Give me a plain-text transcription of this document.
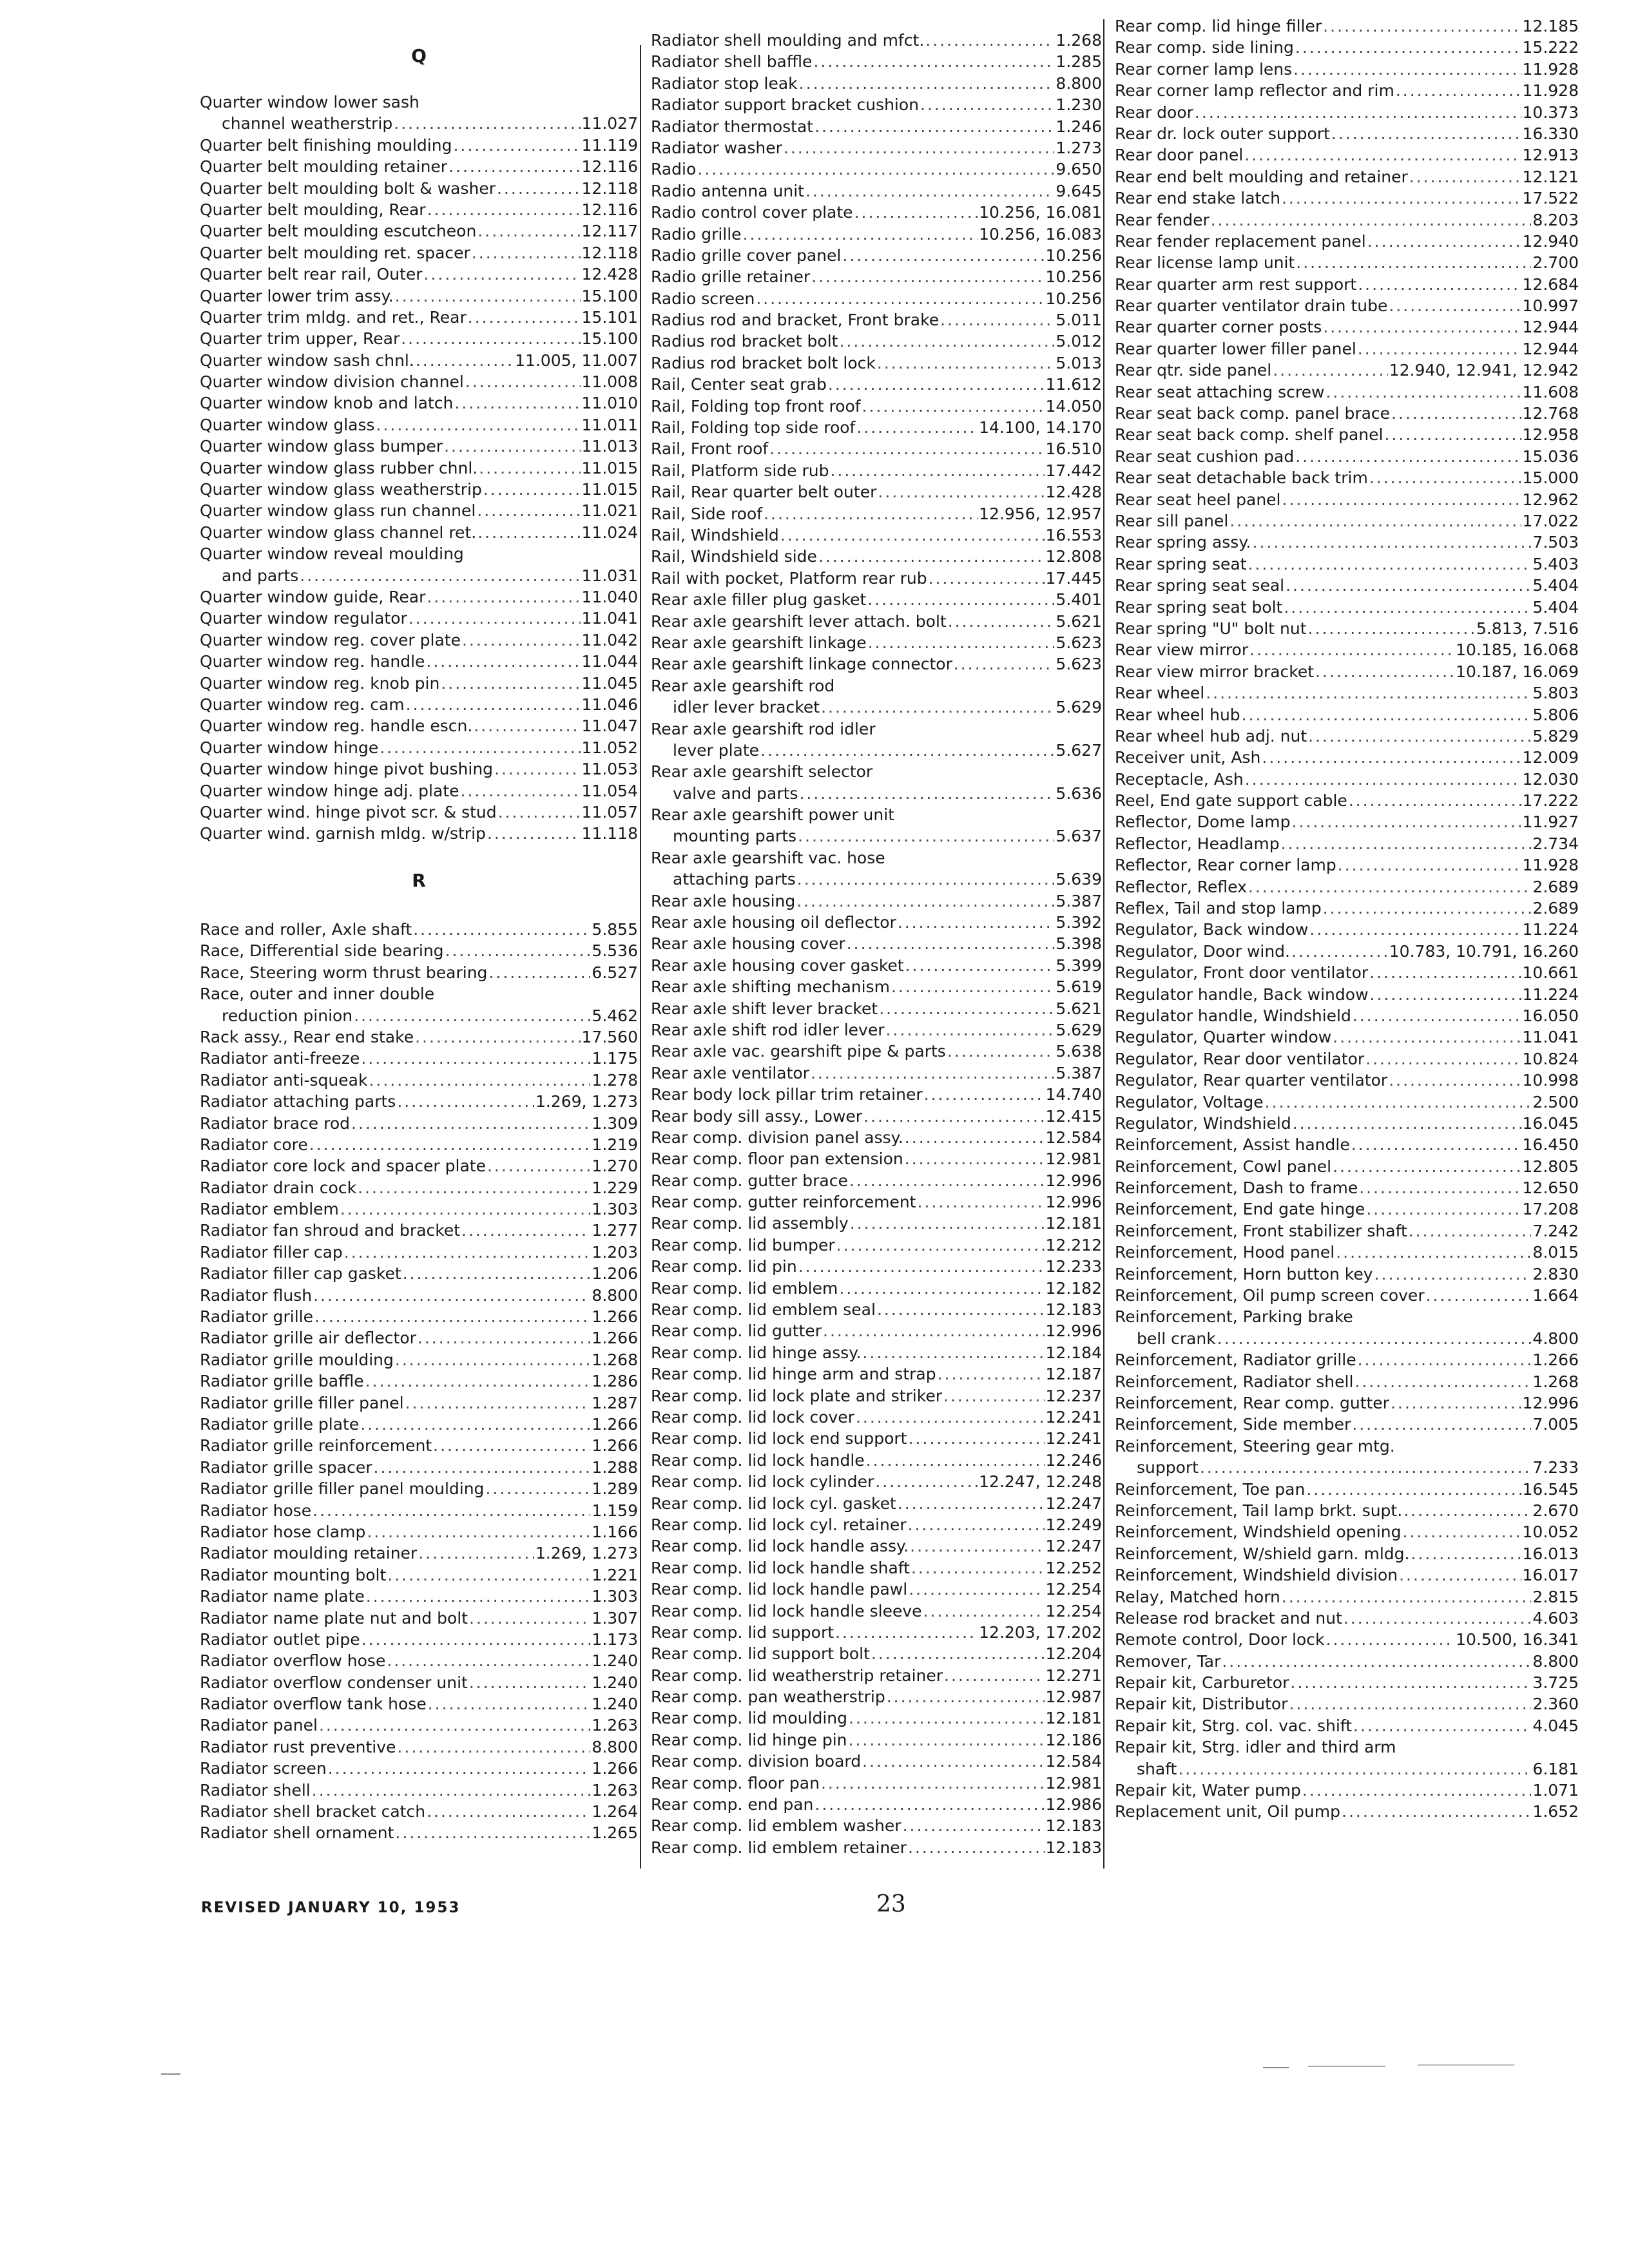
Q
Quarter window lower sash
channel weatherstrip .....	11.027
Quarter belt finishing moulding .....	11.119
Quarter belt moulding retainer .....	12.116
Quarter belt moulding bolt & washer .....	12.118
Quarter belt moulding, Rear .....	12.116
Quarter belt moulding escutcheon .....	12.117
Quarter belt moulding ret. spacer .....	12.118
Quarter belt rear rail, Outer .....	12.428
Quarter lower trim assy. .....	15.100
Quarter trim mldg. and ret., Rear .....	15.101
Quarter trim upper, Rear .....	15.100
Quarter window sash chnl. .....	11.005, 11.007
Quarter window division channel .....	11.008
Quarter window knob and latch .....	11.010
Quarter window glass .....	11.011
Quarter window glass bumper .....	11.013
Quarter window glass rubber chnl. .....	11.015
Quarter window glass weatherstrip .....	11.015
Quarter window glass run channel .....	11.021
Quarter window glass channel ret. .....	11.024
Quarter window reveal moulding
and parts .....	11.031
Quarter window guide, Rear .....	11.040
Quarter window regulator .....	11.041
Quarter window reg. cover plate .....	11.042
Quarter window reg. handle .....	11.044
Quarter window reg. knob pin .....	11.045
Quarter window reg. cam .....	11.046
Quarter window reg. handle escn. .....	11.047
Quarter window hinge .....	11.052
Quarter window hinge pivot bushing .....	11.053
Quarter window hinge adj. plate .....	11.054
Quarter wind. hinge pivot scr. & stud .....	11.057
Quarter wind. garnish mldg. w/strip .....	11.118
R
Race and roller, Axle shaft .....	5.855
Race, Differential side bearing .....	5.536
Race, Steering worm thrust bearing .....	6.527
Race, outer and inner double
reduction pinion .....	5.462
Rack assy., Rear end stake .....	17.560
Radiator anti-freeze .....	1.175
Radiator anti-squeak .....	1.278
Radiator attaching parts .....	1.269, 1.273
Radiator brace rod .....	1.309
Radiator core .....	1.219
Radiator core lock and spacer plate .....	1.270
Radiator drain cock .....	1.229
Radiator emblem .....	1.303
Radiator fan shroud and bracket .....	1.277
Radiator filler cap .....	1.203
Radiator filler cap gasket .....	1.206
Radiator flush .....	8.800
Radiator grille .....	1.266
Radiator grille air deflector .....	1.266
Radiator grille moulding .....	1.268
Radiator grille baffle .....	1.286
Radiator grille filler panel .....	1.287
Radiator grille plate .....	1.266
Radiator grille reinforcement .....	1.266
Radiator grille spacer .....	1.288
Radiator grille filler panel moulding .....	1.289
Radiator hose .....	1.159
Radiator hose clamp .....	1.166
Radiator moulding retainer .....	1.269, 1.273
Radiator mounting bolt .....	1.221
Radiator name plate .....	1.303
Radiator name plate nut and bolt .....	1.307
Radiator outlet pipe .....	1.173
Radiator overflow hose .....	1.240
Radiator overflow condenser unit .....	1.240
Radiator overflow tank hose .....	1.240
Radiator panel .....	1.263
Radiator rust preventive .....	8.800
Radiator screen .....	1.266
Radiator shell .....	1.263
Radiator shell bracket catch .....	1.264
Radiator shell ornament .....	1.265
Radiator shell moulding and mfct. .....	1.268
Radiator shell baffle .....	1.285
Radiator stop leak .....	8.800
Radiator support bracket cushion .....	1.230
Radiator thermostat .....	1.246
Radiator washer .....	1.273
Radio .....	9.650
Radio antenna unit .....	9.645
Radio control cover plate .....	10.256, 16.081
Radio grille .....	10.256, 16.083
Radio grille cover panel .....	10.256
Radio grille retainer .....	10.256
Radio screen .....	10.256
Radius rod and bracket, Front brake .....	5.011
Radius rod bracket bolt .....	5.012
Radius rod bracket bolt lock .....	5.013
Rail, Center seat grab .....	11.612
Rail, Folding top front roof .....	14.050
Rail, Folding top side roof .....	14.100, 14.170
Rail, Front roof .....	16.510
Rail, Platform side rub .....	17.442
Rail, Rear quarter belt outer .....	12.428
Rail, Side roof .....	12.956, 12.957
Rail, Windshield .....	16.553
Rail, Windshield side .....	12.808
Rail with pocket, Platform rear rub .....	17.445
Rear axle filler plug gasket .....	5.401
Rear axle gearshift lever attach. bolt .....	5.621
Rear axle gearshift linkage .....	5.623
Rear axle gearshift linkage connector .....	5.623
Rear axle gearshift rod
idler lever bracket .....	5.629
Rear axle gearshift rod idler
lever plate .....	5.627
Rear axle gearshift selector
valve and parts .....	5.636
Rear axle gearshift power unit
mounting parts .....	5.637
Rear axle gearshift vac. hose
attaching parts .....	5.639
Rear axle housing .....	5.387
Rear axle housing oil deflector .....	5.392
Rear axle housing cover .....	5.398
Rear axle housing cover gasket .....	5.399
Rear axle shifting mechanism .....	5.619
Rear axle shift lever bracket .....	5.621
Rear axle shift rod idler lever .....	5.629
Rear axle vac. gearshift pipe & parts .....	5.638
Rear axle ventilator .....	5.387
Rear body lock pillar trim retainer .....	14.740
Rear body sill assy., Lower .....	12.415
Rear comp. division panel assy. .....	12.584
Rear comp. floor pan extension .....	12.981
Rear comp. gutter brace .....	12.996
Rear comp. gutter reinforcement .....	12.996
Rear comp. lid assembly .....	12.181
Rear comp. lid bumper .....	12.212
Rear comp. lid pin .....	12.233
Rear comp. lid emblem .....	12.182
Rear comp. lid emblem seal .....	12.183
Rear comp. lid gutter .....	12.996
Rear comp. lid hinge assy. .....	12.184
Rear comp. lid hinge arm and strap .....	12.187
Rear comp. lid lock plate and striker .....	12.237
Rear comp. lid lock cover .....	12.241
Rear comp. lid lock end support .....	12.241
Rear comp. lid lock handle .....	12.246
Rear comp. lid lock cylinder .....	12.247, 12.248
Rear comp. lid lock cyl. gasket .....	12.247
Rear comp. lid lock cyl. retainer .....	12.249
Rear comp. lid lock handle assy. .....	12.247
Rear comp. lid lock handle shaft .....	12.252
Rear comp. lid lock handle pawl .....	12.254
Rear comp. lid lock handle sleeve .....	12.254
Rear comp. lid support .....	12.203, 17.202
Rear comp. lid support bolt .....	12.204
Rear comp. lid weatherstrip retainer .....	12.271
Rear comp. pan weatherstrip .....	12.987
Rear comp. lid moulding .....	12.181
Rear comp. lid hinge pin .....	12.186
Rear comp. division board .....	12.584
Rear comp. floor pan .....	12.981
Rear comp. end pan .....	12.986
Rear comp. lid emblem washer .....	12.183
Rear comp. lid emblem retainer .....	12.183
Rear comp. lid hinge filler .....	12.185
Rear comp. side lining .....	15.222
Rear corner lamp lens .....	11.928
Rear corner lamp reflector and rim .....	11.928
Rear door .....	10.373
Rear dr. lock outer support .....	16.330
Rear door panel .....	12.913
Rear end belt moulding and retainer .....	12.121
Rear end stake latch .....	17.522
Rear fender .....	8.203
Rear fender replacement panel .....	12.940
Rear license lamp unit .....	2.700
Rear quarter arm rest support .....	12.684
Rear quarter ventilator drain tube .....	10.997
Rear quarter corner posts .....	12.944
Rear quarter lower filler panel .....	12.944
Rear qtr. side panel .....	12.940, 12.941, 12.942
Rear seat attaching screw .....	11.608
Rear seat back comp. panel brace .....	12.768
Rear seat back comp. shelf panel .....	12.958
Rear seat cushion pad .....	15.036
Rear seat detachable back trim .....	15.000
Rear seat heel panel .....	12.962
Rear sill panel .....	17.022
Rear spring assy. .....	7.503
Rear spring seat .....	5.403
Rear spring seat seal .....	5.404
Rear spring seat bolt .....	5.404
Rear spring "U" bolt nut .....	5.813, 7.516
Rear view mirror .....	10.185, 16.068
Rear view mirror bracket .....	10.187, 16.069
Rear wheel .....	5.803
Rear wheel hub .....	5.806
Rear wheel hub adj. nut .....	5.829
Receiver unit, Ash .....	12.009
Receptacle, Ash .....	12.030
Reel, End gate support cable .....	17.222
Reflector, Dome lamp .....	11.927
Reflector, Headlamp .....	2.734
Reflector, Rear corner lamp .....	11.928
Reflector, Reflex .....	2.689
Reflex, Tail and stop lamp .....	2.689
Regulator, Back window .....	11.224
Regulator, Door wind. .....	10.783, 10.791, 16.260
Regulator, Front door ventilator .....	10.661
Regulator handle, Back window .....	11.224
Regulator handle, Windshield .....	16.050
Regulator, Quarter window .....	11.041
Regulator, Rear door ventilator .....	10.824
Regulator, Rear quarter ventilator .....	10.998
Regulator, Voltage .....	2.500
Regulator, Windshield .....	16.045
Reinforcement, Assist handle .....	16.450
Reinforcement, Cowl panel .....	12.805
Reinforcement, Dash to frame .....	12.650
Reinforcement, End gate hinge .....	17.208
Reinforcement, Front stabilizer shaft .....	7.242
Reinforcement, Hood panel .....	8.015
Reinforcement, Horn button key .....	2.830
Reinforcement, Oil pump screen cover .....	1.664
Reinforcement, Parking brake
bell crank .....	4.800
Reinforcement, Radiator grille .....	1.266
Reinforcement, Radiator shell .....	1.268
Reinforcement, Rear comp. gutter .....	12.996
Reinforcement, Side member .....	7.005
Reinforcement, Steering gear mtg.
support .....	7.233
Reinforcement, Toe pan .....	16.545
Reinforcement, Tail lamp brkt. supt. .....	2.670
Reinforcement, Windshield opening .....	10.052
Reinforcement, W/shield garn. mldg. .....	16.013
Reinforcement, Windshield division .....	16.017
Relay, Matched horn .....	2.815
Release rod bracket and nut .....	4.603
Remote control, Door lock .....	10.500, 16.341
Remover, Tar .....	8.800
Repair kit, Carburetor .....	3.725
Repair kit, Distributor .....	2.360
Repair kit, Strg. col. vac. shift .....	4.045
Repair kit, Strg. idler and third arm
shaft .....	6.181
Repair kit, Water pump .....	1.071
Replacement unit, Oil pump .....	1.652
REVISED JANUARY 10, 1953	23
